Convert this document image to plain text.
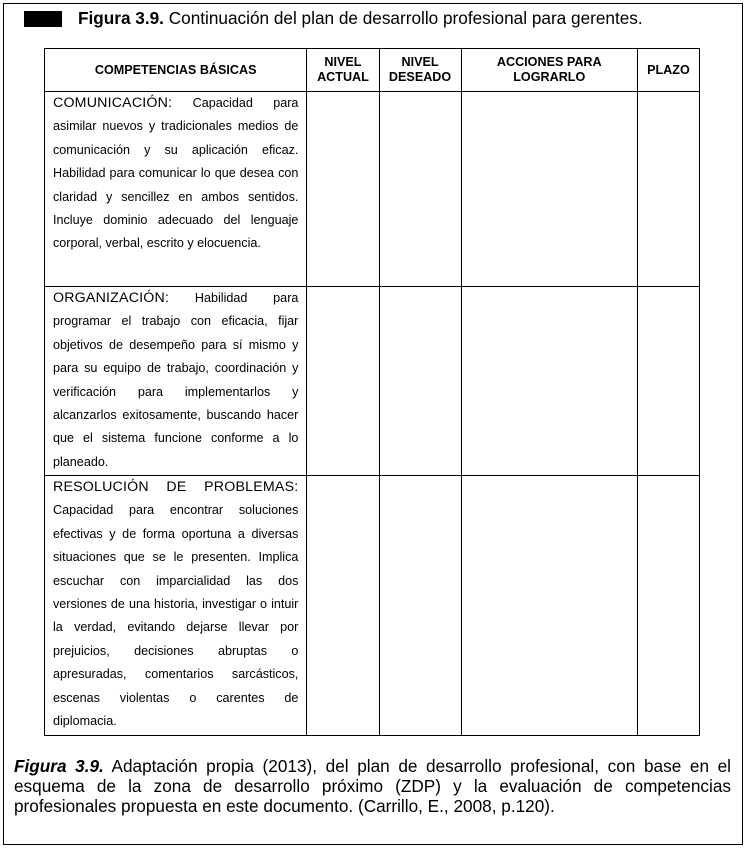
Figura 3.9. Continuación del plan de desarrollo profesional para gerentes.
COMPETENCIAS BÁSICAS	NIVEL ACTUAL	NIVEL DESEADO	ACCIONES PARA LOGRARLO	PLAZO

COMUNICACIÓN: Capacidad para asimilar nuevos y tradicionales medios de comunicación y su aplicación eficaz. Habilidad para comunicar lo que desea con claridad y sencillez en ambos sentidos. Incluye dominio adecuado del lenguaje corporal, verbal, escrito y elocuencia.				

ORGANIZACIÓN: Habilidad para programar el trabajo con eficacia, fijar objetivos de desempeño para sí mismo y para su equipo de trabajo, coordinación y verificación para implementarlos y alcanzarlos exitosamente, buscando hacer que el sistema funcione conforme a lo planeado.				

RESOLUCIÓN DE PROBLEMAS: Capacidad para encontrar soluciones efectivas y de forma oportuna a diversas situaciones que se le presenten. Implica escuchar con imparcialidad las dos versiones de una historia, investigar o intuir la verdad, evitando dejarse llevar por prejuicios, decisiones abruptas o apresuradas, comentarios sarcásticos, escenas violentas o carentes de diplomacia.				

Figura 3.9. Adaptación propia (2013), del plan de desarrollo profesional, con base en el esquema de la zona de desarrollo próximo (ZDP) y la evaluación de competencias profesionales propuesta en este documento. (Carrillo, E., 2008, p.120).
